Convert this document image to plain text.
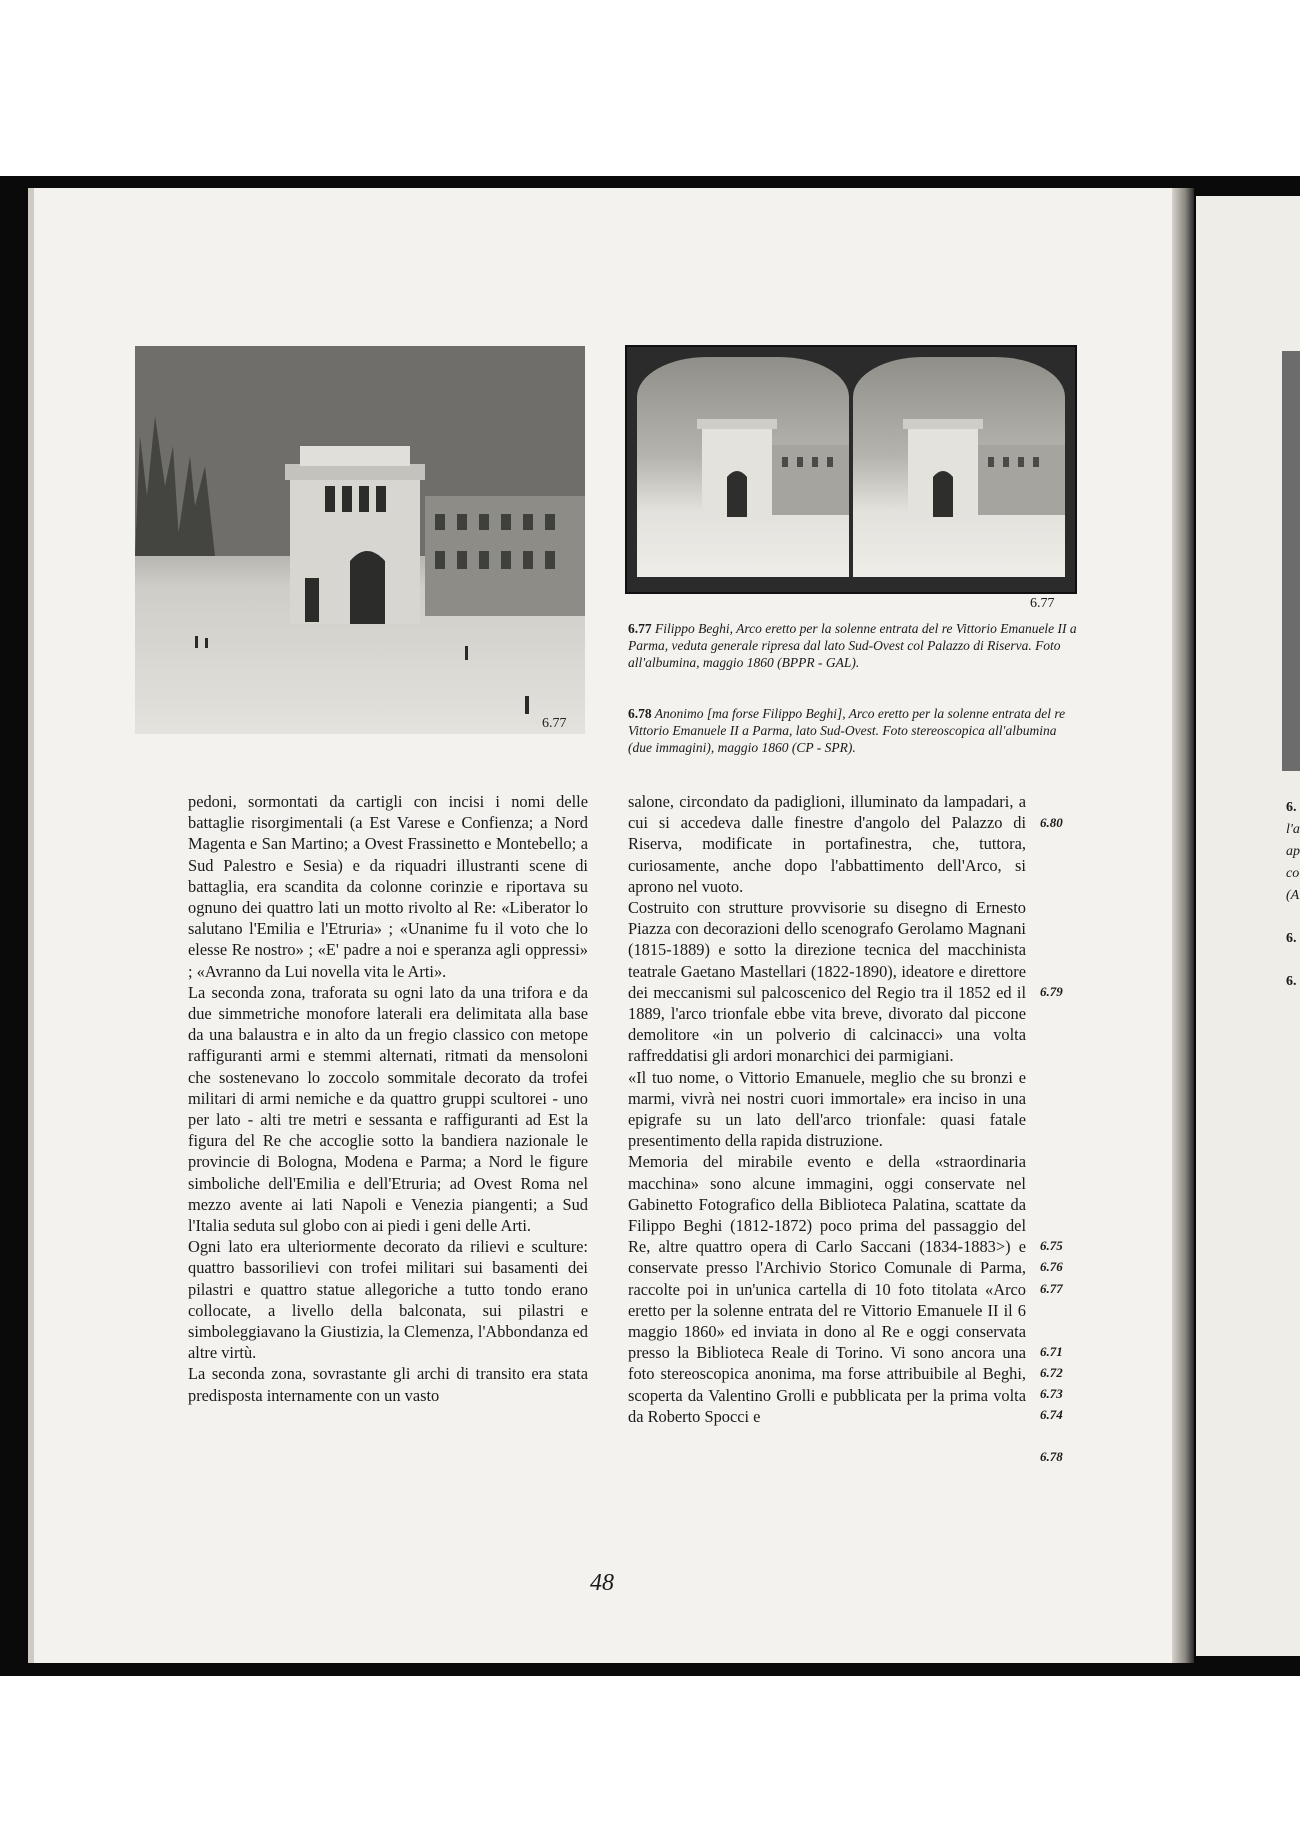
6.
l'a
ap
co
(A
6.
6.
6.77
6.77
6.77 Filippo Beghi, Arco eretto per la solenne entrata del re Vittorio Emanuele II a Parma, veduta generale ripresa dal lato Sud-Ovest col Palazzo di Riserva. Foto all'albumina, maggio 1860 (BPPR - GAL).
6.78 Anonimo [ma forse Filippo Beghi], Arco eretto per la solenne entrata del re Vittorio Emanuele II a Parma, lato Sud-Ovest. Foto stereoscopica all'albumina (due immagini), maggio 1860 (CP - SPR).

pedoni, sormontati da cartigli con incisi i nomi delle battaglie risorgimentali (a Est Varese e Confienza; a Nord Magenta e San Martino; a Ovest Frassinetto e Montebello; a Sud Palestro e Sesia) e da riquadri illustranti scene di battaglia, era scandita da colonne corinzie e riportava su ognuno dei quattro lati un motto rivolto al Re: «Liberator lo salutano l'Emilia e l'Etruria» ; «Unanime fu il voto che lo elesse Re nostro» ; «E' padre a noi e speranza agli oppressi» ; «Avranno da Lui novella vita le Arti».

La seconda zona, traforata su ogni lato da una trifora e da due simmetriche monofore laterali era delimitata alla base da una balaustra e in alto da un fregio classico con metope raffiguranti armi e stemmi alternati, ritmati da mensoloni che sostenevano lo zoccolo sommitale decorato da trofei militari di armi nemiche e da quattro gruppi scultorei - uno per lato - alti tre metri e sessanta e raffiguranti ad Est la figura del Re che accoglie sotto la bandiera nazionale le provincie di Bologna, Modena e Parma; a Nord le figure simboliche dell'Emilia e dell'Etruria; ad Ovest Roma nel mezzo avente ai lati Napoli e Venezia piangenti; a Sud l'Italia seduta sul globo con ai piedi i geni delle Arti.

Ogni lato era ulteriormente decorato da rilievi e sculture: quattro bassorilievi con trofei militari sui basamenti dei pilastri e quattro statue allegoriche a tutto tondo erano collocate, a livello della balconata, sui pilastri e simboleggiavano la Giustizia, la Clemenza, l'Abbondanza ed altre virtù.

La seconda zona, sovrastante gli archi di transito era stata predisposta internamente con un vasto

salone, circondato da padiglioni, illuminato da lampadari, a cui si accedeva dalle finestre d'angolo del Palazzo di Riserva, modificate in portafinestra, che, tuttora, curiosamente, anche dopo l'abbattimento dell'Arco, si aprono nel vuoto.

Costruito con strutture provvisorie su disegno di Ernesto Piazza con decorazioni dello scenografo Gerolamo Magnani (1815-1889) e sotto la direzione tecnica del macchinista teatrale Gaetano Mastellari (1822-1890), ideatore e direttore dei meccanismi sul palcoscenico del Regio tra il 1852 ed il 1889, l'arco trionfale ebbe vita breve, divorato dal piccone demolitore «in un polverio di calcinacci» una volta raffreddatisi gli ardori monarchici dei parmigiani.

«Il tuo nome, o Vittorio Emanuele, meglio che su bronzi e marmi, vivrà nei nostri cuori immortale» era inciso in una epigrafe su un lato dell'arco trionfale: quasi fatale presentimento della rapida distruzione.

Memoria del mirabile evento e della «straordinaria macchina» sono alcune immagini, oggi conservate nel Gabinetto Fotografico della Biblioteca Palatina, scattate da Filippo Beghi (1812-1872) poco prima del passaggio del Re, altre quattro opera di Carlo Saccani (1834-1883>) e conservate presso l'Archivio Storico Comunale di Parma, raccolte poi in un'unica cartella di 10 foto titolata «Arco eretto per la solenne entrata del re Vittorio Emanuele II il 6 maggio 1860» ed inviata in dono al Re e oggi conservata presso la Biblioteca Reale di Torino. Vi sono ancora una foto stereoscopica anonima, ma forse attribuibile al Beghi, scoperta da Valentino Grolli e pubblicata per la prima volta da Roberto Spocci e

6.80
6.79
6.75
6.76
6.77
6.71
6.72
6.73
6.74
6.78
48
